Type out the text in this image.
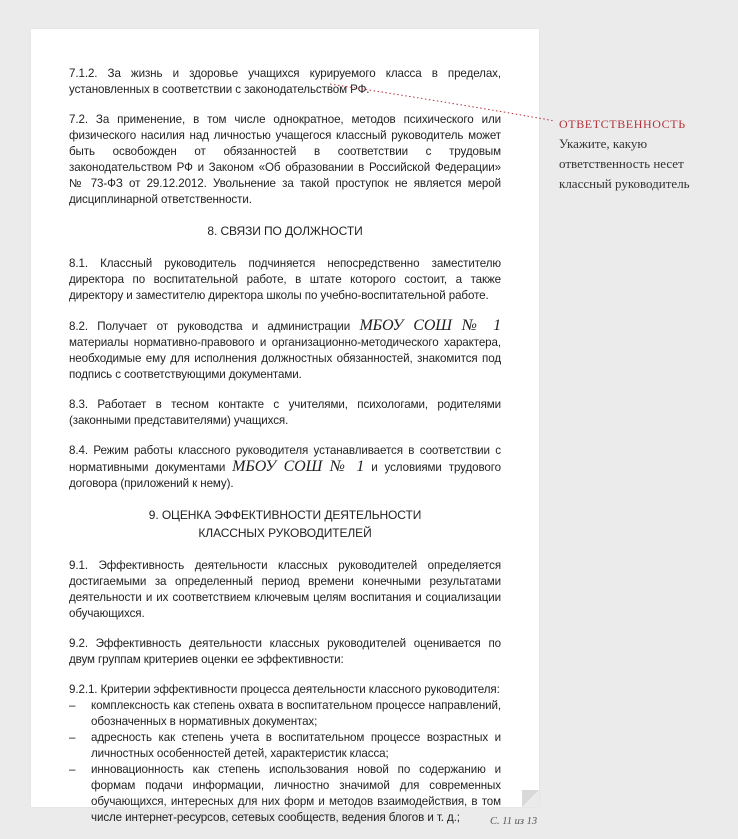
7.1.2. За жизнь и здоровье учащихся курируемого класса в пределах, установленных в соответствии с законодательством РФ.

7.2. За применение, в том числе однократное, методов психического или физического насилия над личностью учащегося классный руководитель может быть освобожден от обязанностей в соответствии с трудовым законодательством РФ и Законом «Об образовании в Российской Федерации» № 73-ФЗ от 29.12.2012. Увольнение за такой проступок не является мерой дисциплинарной ответственности.

8. СВЯЗИ ПО ДОЛЖНОСТИ

8.1. Классный руководитель подчиняется непосредственно заместителю директора по воспитательной работе, в штате которого состоит, а также директору и заместителю директора школы по учебно-воспитательной работе.

8.2. Получает от руководства и администрации МБОУ СОШ № 1 материалы нормативно-правового и организационно-методического характера, необходимые ему для исполнения должностных обязанностей, знакомится под подпись с соответствующими документами.

8.3. Работает в тесном контакте с учителями, психологами, родителями (законными представителями) учащихся.

8.4. Режим работы классного руководителя устанавливается в соответствии с нормативными документами МБОУ СОШ № 1 и условиями трудового договора (приложений к нему).

9. ОЦЕНКА ЭФФЕКТИВНОСТИ ДЕЯТЕЛЬНОСТИ
КЛАССНЫХ РУКОВОДИТЕЛЕЙ

9.1. Эффективность деятельности классных руководителей определяется достигаемыми за определенный период времени конечными результатами деятельности и их соответствием ключевым целям воспитания и социализации обучающихся.

9.2. Эффективность деятельности классных руководителей оценивается по двум группам критериев оценки ее эффективности:

9.2.1. Критерии эффективности процесса деятельности классного руководителя:

– комплексность как степень охвата в воспитательном процессе направлений, обозначенных в нормативных документах;
– адресность как степень учета в воспитательном процессе возрастных и личностных особенностей детей, характеристик класса;
– инновационность как степень использования новой по содержанию и формам подачи информации, личностно значимой для современных обучающихся, интересных для них форм и методов взаимодействия, в том числе интернет-ресурсов, сетевых сообществ, ведения блогов и т. д.;	С. 11 из 13
ОТВЕТСТВЕННОСТЬ
Укажите, какую ответственность несет классный руководитель
